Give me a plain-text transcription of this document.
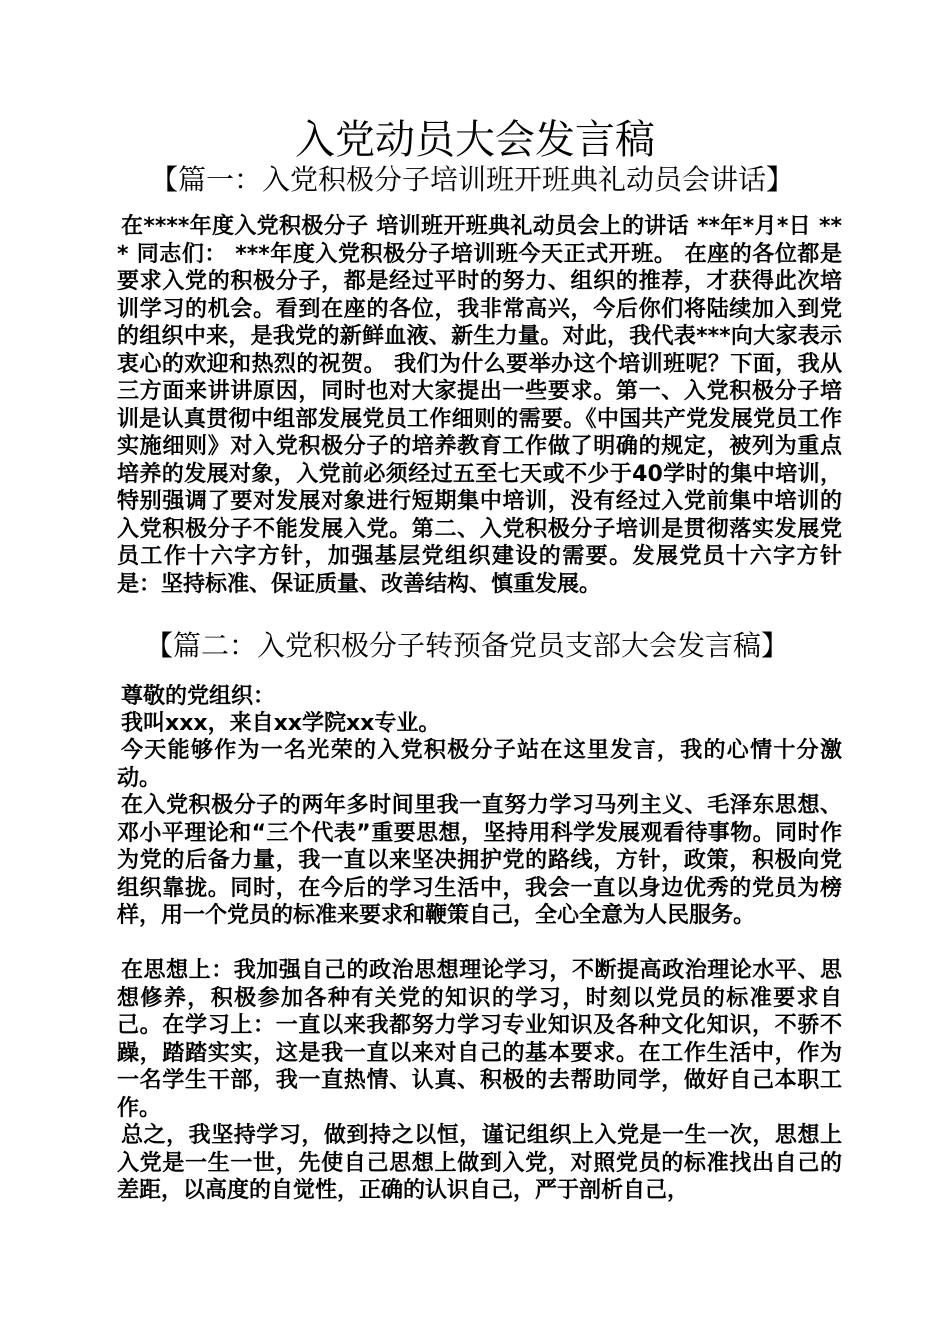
入党动员大会发言稿
【篇一：入党积极分子培训班开班典礼动员会讲话】
在****年度入党积极分子 培训班开班典礼动员会上的讲话 **年*月*日 *** 同志们： ***年度入党积极分子培训班今天正式开班。 在座的各位都是要求入党的积极分子，都是经过平时的努力、组织的推荐，才获得此次培训学习的机会。看到在座的各位，我非常高兴，今后你们将陆续加入到党的组织中来，是我党的新鲜血液、新生力量。对此，我代表***向大家表示衷心的欢迎和热烈的祝贺。 我们为什么要举办这个培训班呢？下面，我从三方面来讲讲原因，同时也对大家提出一些要求。第一、入党积极分子培训是认真贯彻中组部发展党员工作细则的需要。《中国共产党发展党员工作实施细则》对入党积极分子的培养教育工作做了明确的规定，被列为重点培养的发展对象，入党前必须经过五至七天或不少于40学时的集中培训，特别强调了要对发展对象进行短期集中培训，没有经过入党前集中培训的入党积极分子不能发展入党。第二、入党积极分子培训是贯彻落实发展党员工作十六字方针，加强基层党组织建设的需要。发展党员十六字方针是：坚持标准、保证质量、改善结构、慎重发展。
【篇二：入党积极分子转预备党员支部大会发言稿】
尊敬的党组织：
我叫xxx，来自xx学院xx专业。
今天能够作为一名光荣的入党积极分子站在这里发言，我的心情十分激动。
在入党积极分子的两年多时间里我一直努力学习马列主义、毛泽东思想、邓小平理论和“三个代表”重要思想，坚持用科学发展观看待事物。同时作为党的后备力量，我一直以来坚决拥护党的路线，方针，政策，积极向党组织靠拢。同时，在今后的学习生活中，我会一直以身边优秀的党员为榜样，用一个党员的标准来要求和鞭策自己，全心全意为人民服务。
在思想上：我加强自己的政治思想理论学习，不断提高政治理论水平、思想修养，积极参加各种有关党的知识的学习，时刻以党员的标准要求自己。在学习上：一直以来我都努力学习专业知识及各种文化知识，不骄不躁，踏踏实实，这是我一直以来对自己的基本要求。在工作生活中，作为一名学生干部，我一直热情、认真、积极的去帮助同学，做好自己本职工作。
总之，我坚持学习，做到持之以恒，谨记组织上入党是一生一次，思想上入党是一生一世，先使自己思想上做到入党，对照党员的标准找出自己的差距，以高度的自觉性，正确的认识自己，严于剖析自己，
